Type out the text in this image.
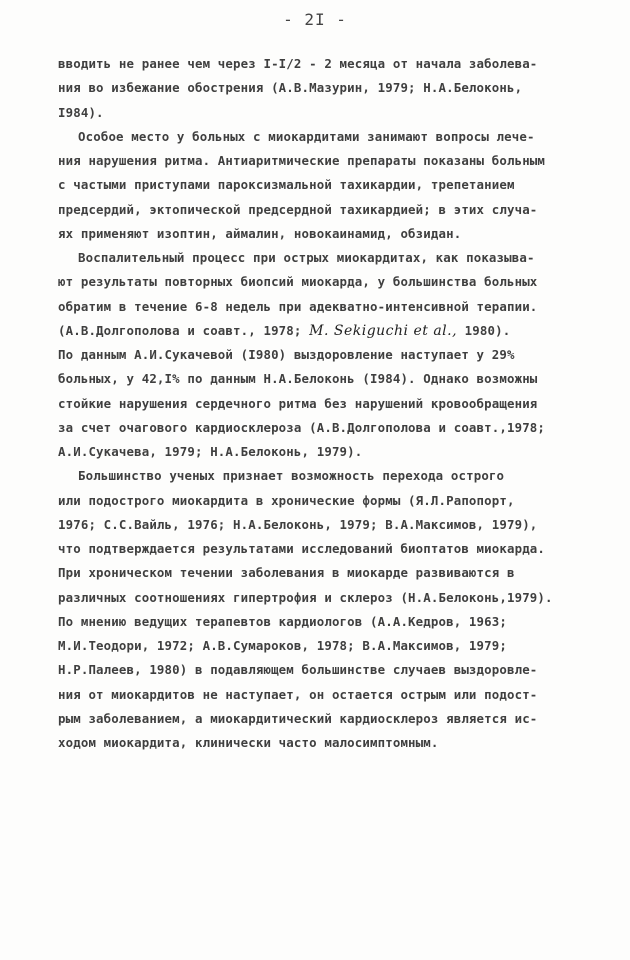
- 2I -
вводить не ранее чем через I-I/2 - 2 месяца от начала заболева-
ния во избежание обострения (А.В.Мазурин, 1979; Н.А.Белоконь,
I984).
Особое место у больных с миокардитами занимают вопросы лече-
ния нарушения ритма. Антиаритмические препараты показаны больным
с частыми приступами пароксизмальной тахикардии, трепетанием
предсердий, эктопической предсердной тахикардией; в этих случа-
ях применяют изоптин, аймалин, новокаинамид, обзидан.
Воспалительный процесс при острых миокардитах, как показыва-
ют результаты повторных биопсий миокарда, у большинства больных
обратим в течение 6-8 недель при адекватно-интенсивной терапии.
(А.В.Долгополова и соавт., 1978; M. Sekiguchi et al., 1980).
По данным А.И.Сукачевой (I980) выздоровление наступает у 29%
больных, у 42,I% по данным Н.А.Белоконь (I984). Однако возможны
стойкие нарушения сердечного ритма без нарушений кровообращения
за счет очагового кардиосклероза (А.В.Долгополова и соавт.,1978;
А.И.Сукачева, 1979; Н.А.Белоконь, 1979).
Большинство ученых признает возможность перехода острого
или подострого миокардита в хронические формы (Я.Л.Рапопорт,
1976; С.С.Вайль, 1976; Н.А.Белоконь, 1979; В.А.Максимов, 1979),
что подтверждается результатами исследований биоптатов миокарда.
При хроническом течении заболевания в миокарде развиваются в
различных соотношениях гипертрофия и склероз (Н.А.Белоконь,1979).
По мнению ведущих терапевтов кардиологов (А.А.Кедров, 1963;
М.И.Теодори, 1972; А.В.Сумароков, 1978; В.А.Максимов, 1979;
Н.Р.Палеев, 1980) в подавляющем большинстве случаев выздоровле-
ния от миокардитов не наступает, он остается острым или подост-
рым заболеванием, а миокардитический кардиосклероз является ис-
ходом миокардита, клинически часто малосимптомным.
